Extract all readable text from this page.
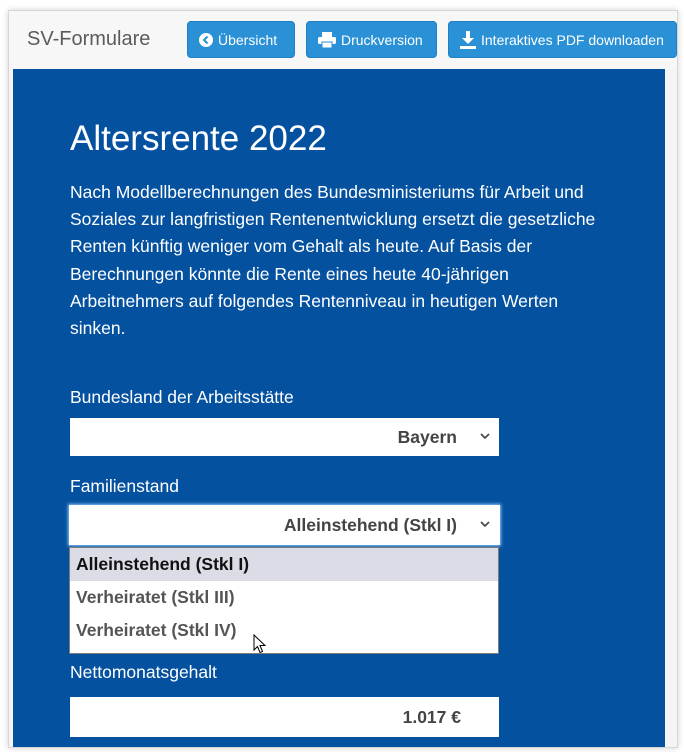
SV-Formulare	Übersicht	Druckversion	Interaktives PDF downloaden
Altersrente 2022
Nach Modellberechnungen des Bundesministeriums für Arbeit und Soziales zur langfristigen Rentenentwicklung ersetzt die gesetzliche Renten künftig weniger vom Gehalt als heute. Auf Basis der Berechnungen könnte die Rente eines heute 40-jährigen Arbeitnehmers auf folgendes Rentenniveau in heutigen Werten sinken.
Bundesland der Arbeitsstätte
Bayern
Familienstand
Alleinstehend (Stkl I)
Alleinstehend (Stkl I)
Verheiratet (Stkl III)
Verheiratet (Stkl IV)
Nettomonatsgehalt
1.017 €
